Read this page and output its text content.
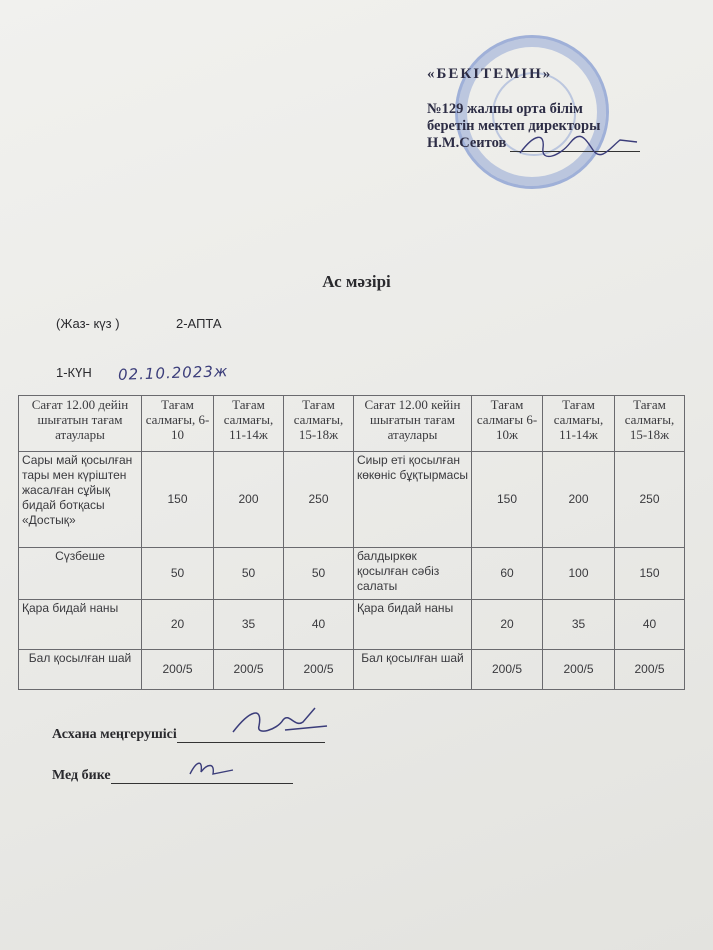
«БЕКІТЕМІН»
№129 жалпы орта білім
беретін мектеп директоры
Н.М.Сеитов
Ас мәзірі
(Жаз- күз )	2-АПТА
1-КҮН 02.10.2023ж
Сағат 12.00 дейін шығатын тағам атаулары	Тағам салмағы, 6-10	Тағам салмағы, 11-14ж	Тағам салмағы, 15-18ж	Сағат 12.00 кейін шығатын тағам атаулары	Тағам салмағы 6-10ж	Тағам салмағы, 11-14ж	Тағам салмағы, 15-18ж
Сары май қосылған тары мен күріштен жасалған сұйық бидай ботқасы «Достық»	150	200	250	Сиыр еті қосылған көкөніс бұқтырмасы	150	200	250
Сүзбеше	50	50	50	балдыркөк қосылған сәбіз салаты	60	100	150
Қара бидай наны	20	35	40	Қара бидай наны	20	35	40
Бал қосылған шай	200/5	200/5	200/5	Бал қосылған шай	200/5	200/5	200/5
Асхана меңгерушісі
Мед бике
